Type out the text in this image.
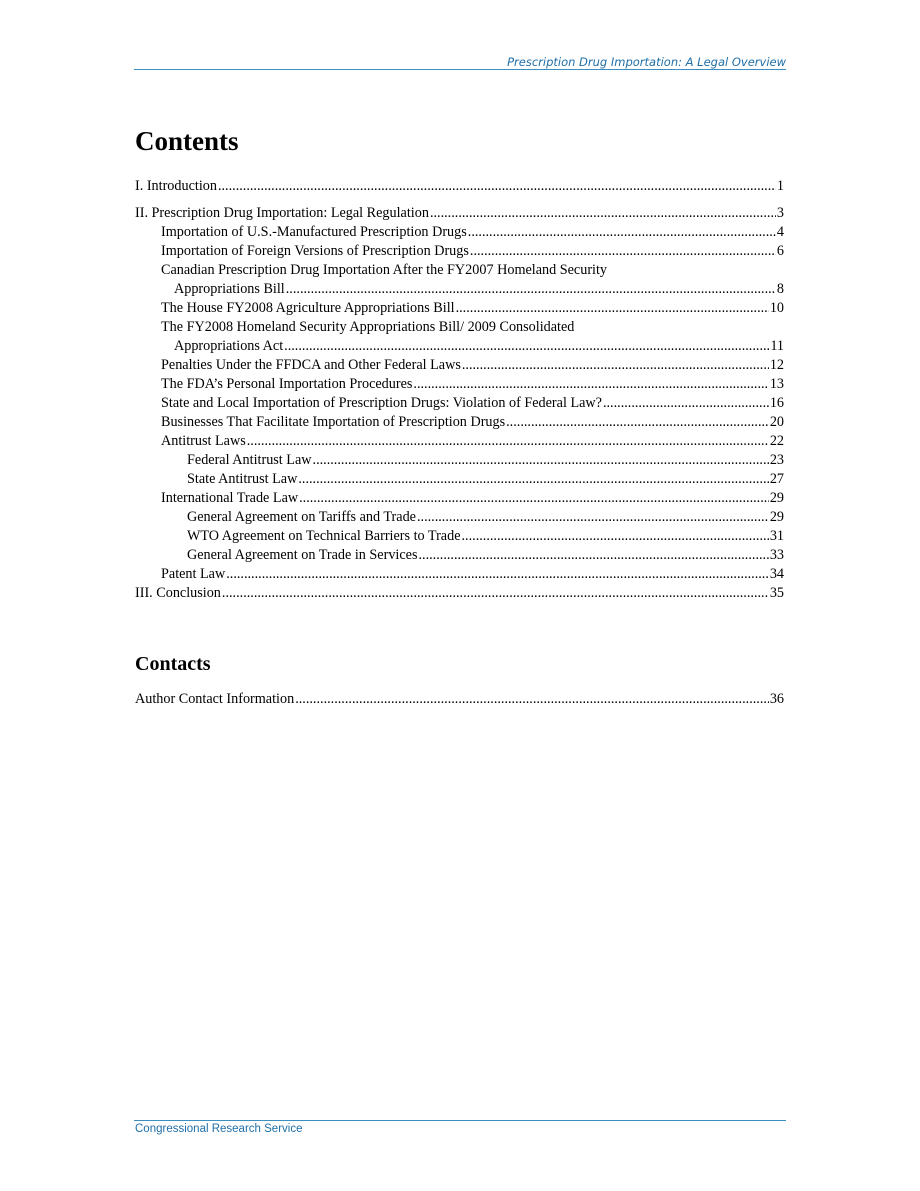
Prescription Drug Importation: A Legal Overview
Contents
I. Introduction .....	1
II. Prescription Drug Importation: Legal Regulation .....	3
Importation of U.S.-Manufactured Prescription Drugs .....	4
Importation of Foreign Versions of Prescription Drugs .....	6
Canadian Prescription Drug Importation After the FY2007 Homeland Security
Appropriations Bill .....	8
The House FY2008 Agriculture Appropriations Bill .....	10
The FY2008 Homeland Security Appropriations Bill/ 2009 Consolidated
Appropriations Act .....	11
Penalties Under the FFDCA and Other Federal Laws .....	12
The FDA’s Personal Importation Procedures .....	13
State and Local Importation of Prescription Drugs: Violation of Federal Law? .....	16
Businesses That Facilitate Importation of Prescription Drugs .....	20
Antitrust Laws .....	22
Federal Antitrust Law .....	23
State Antitrust Law .....	27
International Trade Law .....	29
General Agreement on Tariffs and Trade .....	29
WTO Agreement on Technical Barriers to Trade .....	31
General Agreement on Trade in Services .....	33
Patent Law .....	34
III. Conclusion .....	35
Contacts
Author Contact Information .....	36
Congressional Research Service
